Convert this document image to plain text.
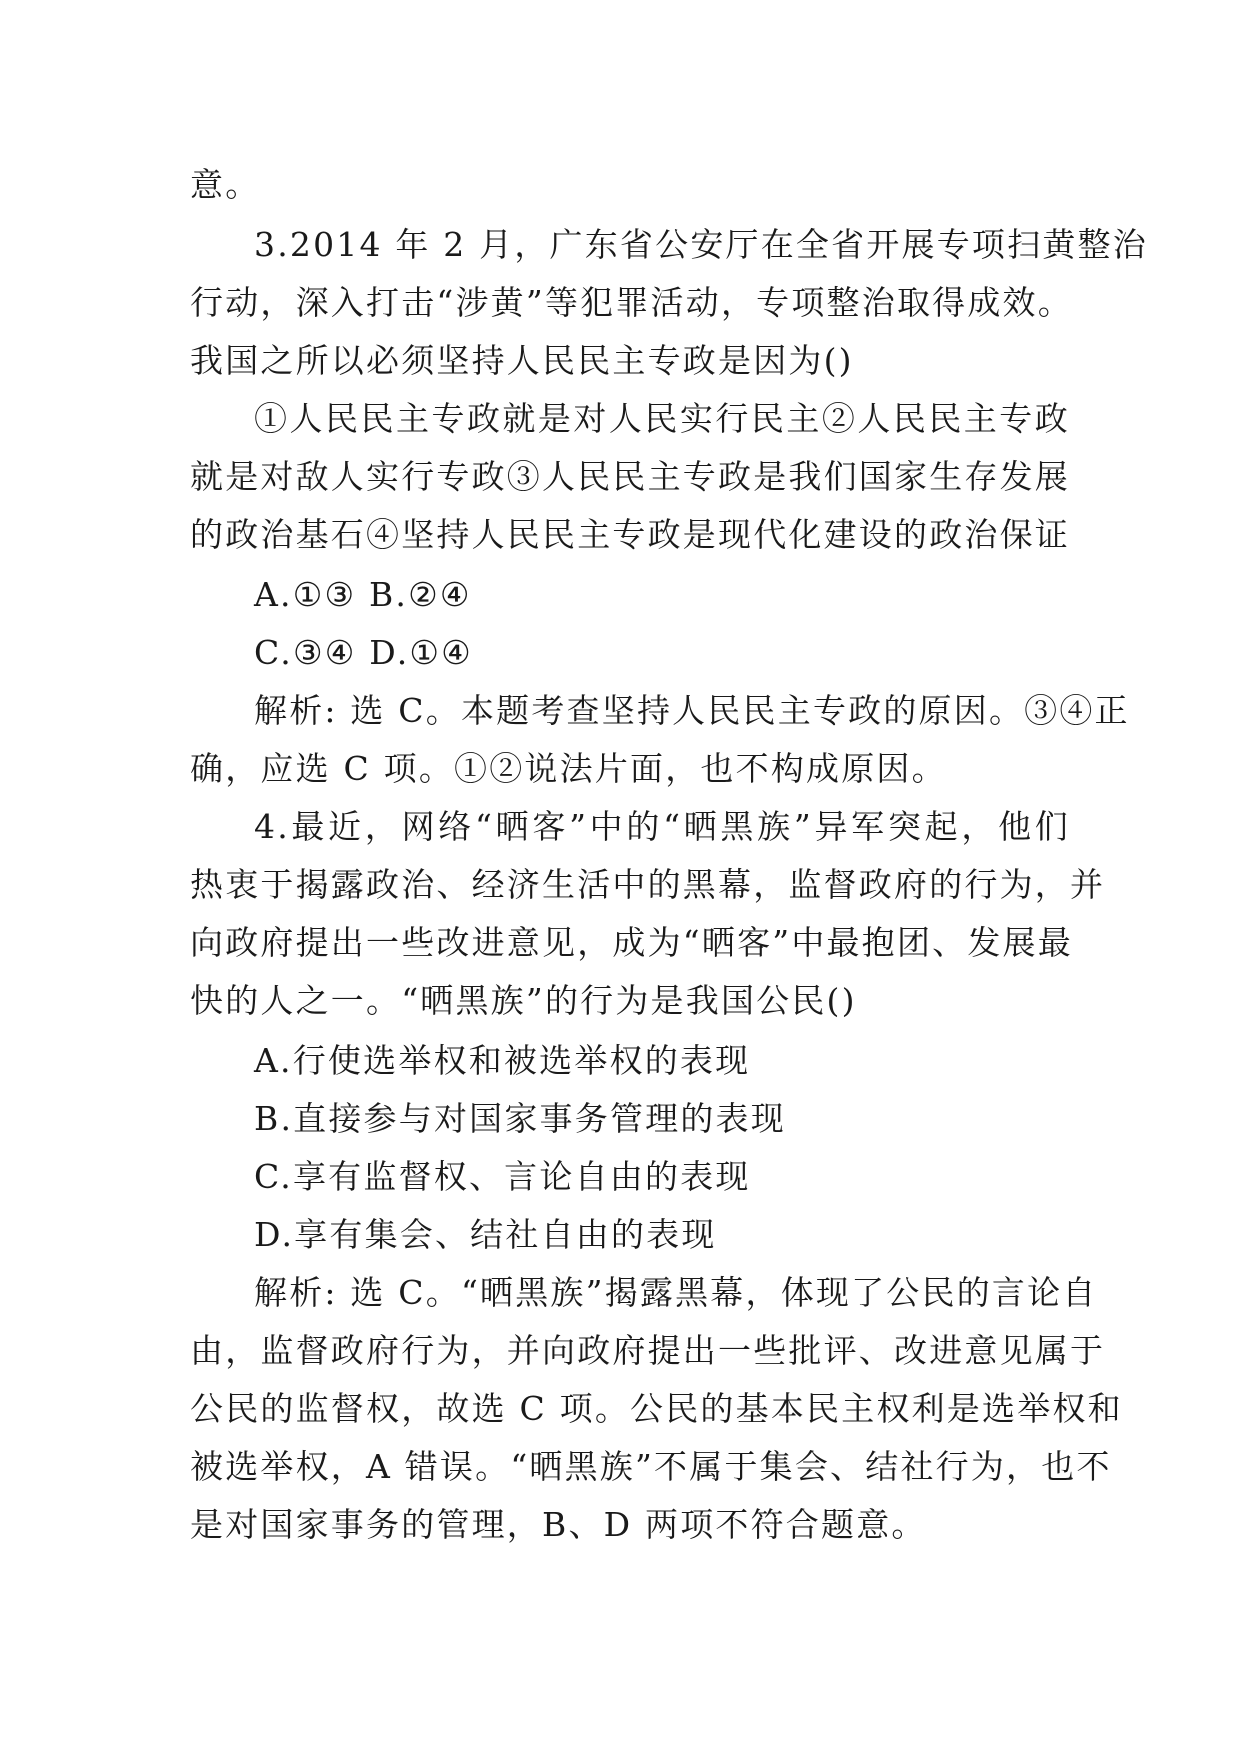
意。
3.2014 年 2 月，广东省公安厅在全省开展专项扫黄整治
行动，深入打击“涉黄”等犯罪活动，专项整治取得成效。
我国之所以必须坚持人民民主专政是因为()
①人民民主专政就是对人民实行民主②人民民主专政
就是对敌人实行专政③人民民主专政是我们国家生存发展
的政治基石④坚持人民民主专政是现代化建设的政治保证
A.①③ B.②④
C.③④ D.①④
解析: 选 C。本题考查坚持人民民主专政的原因。③④正
确，应选 C 项。①②说法片面，也不构成原因。
4.最近，网络“晒客”中的“晒黑族”异军突起，他们
热衷于揭露政治、经济生活中的黑幕，监督政府的行为，并
向政府提出一些改进意见，成为“晒客”中最抱团、发展最
快的人之一。“晒黑族”的行为是我国公民()
A.行使选举权和被选举权的表现
B.直接参与对国家事务管理的表现
C.享有监督权、言论自由的表现
D.享有集会、结社自由的表现
解析: 选 C。“晒黑族”揭露黑幕，体现了公民的言论自
由，监督政府行为，并向政府提出一些批评、改进意见属于
公民的监督权，故选 C 项。公民的基本民主权利是选举权和
被选举权，A 错误。“晒黑族”不属于集会、结社行为，也不
是对国家事务的管理，B、D 两项不符合题意。
